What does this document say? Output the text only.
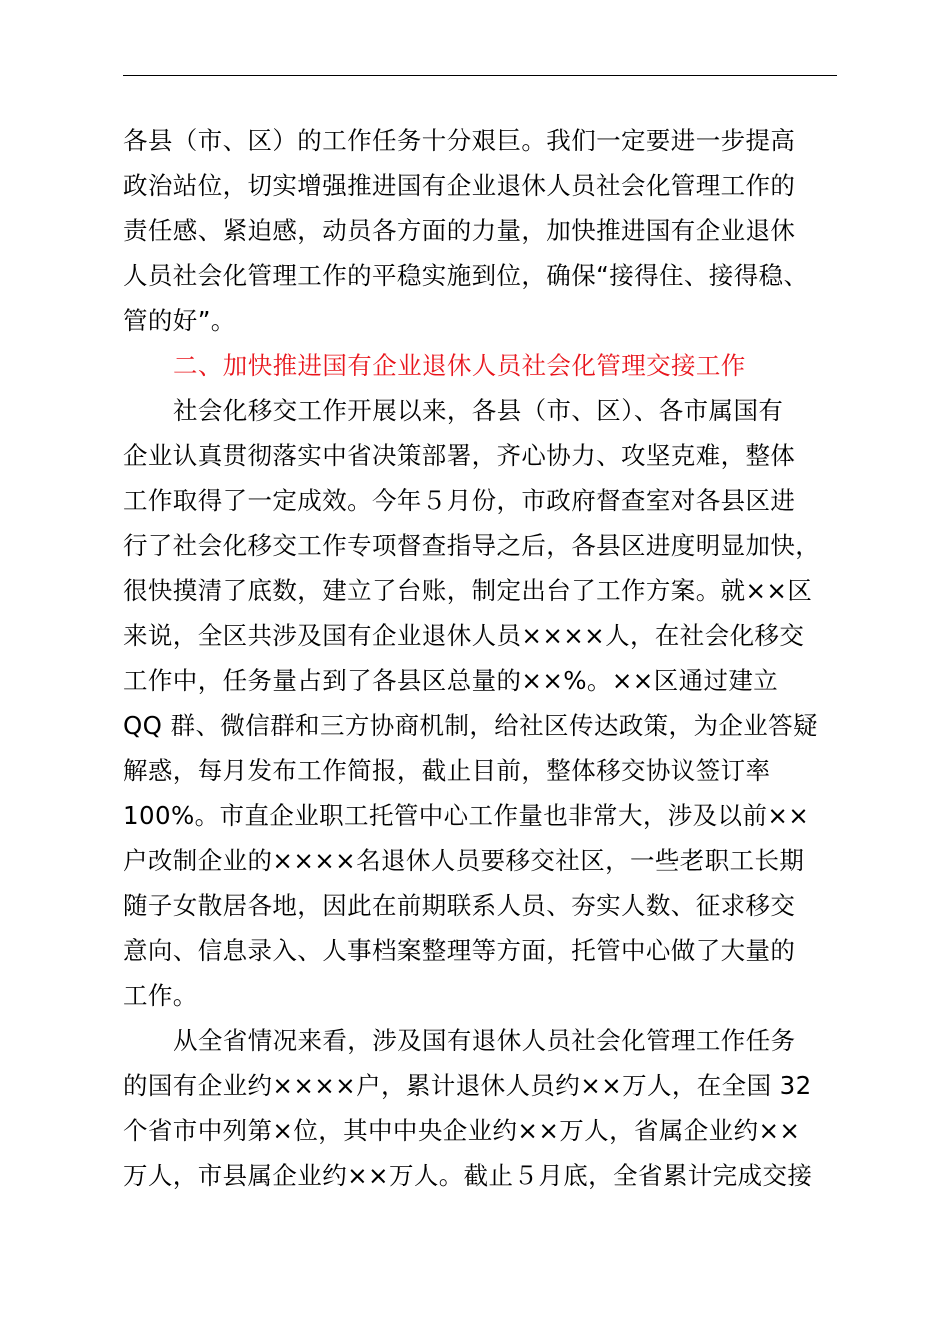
各县（市、区）的工作任务十分艰巨。我们一定要进一步提高
政治站位，切实增强推进国有企业退休人员社会化管理工作的
责任感、紧迫感，动员各方面的力量，加快推进国有企业退休
人员社会化管理工作的平稳实施到位，确保“接得住、接得稳、
管的好”。
二、加快推进国有企业退休人员社会化管理交接工作
社会化移交工作开展以来，各县（市、区）、各市属国有
企业认真贯彻落实中省决策部署，齐心协力、攻坚克难，整体
工作取得了一定成效。今年５月份，市政府督查室对各县区进
行了社会化移交工作专项督查指导之后，各县区进度明显加快，
很快摸清了底数，建立了台账，制定出台了工作方案。就××区
来说，全区共涉及国有企业退休人员××××人，在社会化移交
工作中，任务量占到了各县区总量的××%。××区通过建立
QQ 群、微信群和三方协商机制，给社区传达政策，为企业答疑
解惑，每月发布工作简报，截止目前，整体移交协议签订率
100%。市直企业职工托管中心工作量也非常大，涉及以前××
户改制企业的××××名退休人员要移交社区，一些老职工长期
随子女散居各地，因此在前期联系人员、夯实人数、征求移交
意向、信息录入、人事档案整理等方面，托管中心做了大量的
工作。
从全省情况来看，涉及国有退休人员社会化管理工作任务
的国有企业约××××户，累计退休人员约××万人，在全国 32
个省市中列第×位，其中中央企业约××万人，省属企业约××
万人，市县属企业约××万人。截止５月底，全省累计完成交接
